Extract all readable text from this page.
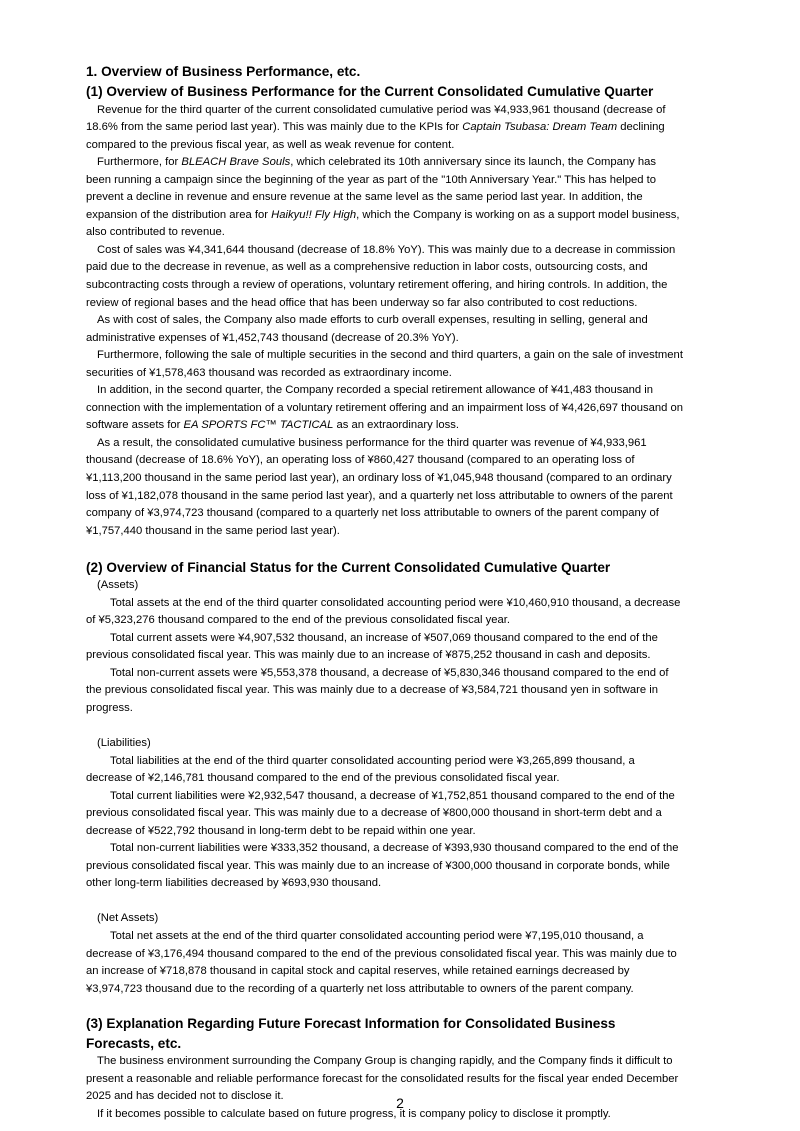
1. Overview of Business Performance, etc.
(1) Overview of Business Performance for the Current Consolidated Cumulative Quarter

Revenue for the third quarter of the current consolidated cumulative period was ¥4,933,961 thousand (decrease of 18.6% from the same period last year). This was mainly due to the KPIs for Captain Tsubasa: Dream Team declining compared to the previous fiscal year, as well as weak revenue for content.

Furthermore, for BLEACH Brave Souls, which celebrated its 10th anniversary since its launch, the Company has been running a campaign since the beginning of the year as part of the "10th Anniversary Year." This has helped to prevent a decline in revenue and ensure revenue at the same level as the same period last year. In addition, the expansion of the distribution area for Haikyu!! Fly High, which the Company is working on as a support model business, also contributed to revenue.

Cost of sales was ¥4,341,644 thousand (decrease of 18.8% YoY). This was mainly due to a decrease in commission paid due to the decrease in revenue, as well as a comprehensive reduction in labor costs, outsourcing costs, and subcontracting costs through a review of operations, voluntary retirement offering, and hiring controls. In addition, the review of regional bases and the head office that has been underway so far also contributed to cost reductions.

As with cost of sales, the Company also made efforts to curb overall expenses, resulting in selling, general and administrative expenses of ¥1,452,743 thousand (decrease of 20.3% YoY).

Furthermore, following the sale of multiple securities in the second and third quarters, a gain on the sale of investment securities of ¥1,578,463 thousand was recorded as extraordinary income.

In addition, in the second quarter, the Company recorded a special retirement allowance of ¥41,483 thousand in connection with the implementation of a voluntary retirement offering and an impairment loss of ¥4,426,697 thousand on software assets for EA SPORTS FC™ TACTICAL as an extraordinary loss.

As a result, the consolidated cumulative business performance for the third quarter was revenue of ¥4,933,961 thousand (decrease of 18.6% YoY), an operating loss of ¥860,427 thousand (compared to an operating loss of ¥1,113,200 thousand in the same period last year), an ordinary loss of ¥1,045,948 thousand (compared to an ordinary loss of ¥1,182,078 thousand in the same period last year), and a quarterly net loss attributable to owners of the parent company of ¥3,974,723 thousand (compared to a quarterly net loss attributable to owners of the parent company of ¥1,757,440 thousand in the same period last year).

(2) Overview of Financial Status for the Current Consolidated Cumulative Quarter

(Assets)

Total assets at the end of the third quarter consolidated accounting period were ¥10,460,910 thousand, a decrease of ¥5,323,276 thousand compared to the end of the previous consolidated fiscal year.

Total current assets were ¥4,907,532 thousand, an increase of ¥507,069 thousand compared to the end of the previous consolidated fiscal year. This was mainly due to an increase of ¥875,252 thousand in cash and deposits.

Total non-current assets were ¥5,553,378 thousand, a decrease of ¥5,830,346 thousand compared to the end of the previous consolidated fiscal year. This was mainly due to a decrease of ¥3,584,721 thousand yen in software in progress.

(Liabilities)

Total liabilities at the end of the third quarter consolidated accounting period were ¥3,265,899 thousand, a decrease of ¥2,146,781 thousand compared to the end of the previous consolidated fiscal year.

Total current liabilities were ¥2,932,547 thousand, a decrease of ¥1,752,851 thousand compared to the end of the previous consolidated fiscal year. This was mainly due to a decrease of ¥800,000 thousand in short-term debt and a decrease of ¥522,792 thousand in long-term debt to be repaid within one year.

Total non-current liabilities were ¥333,352 thousand, a decrease of ¥393,930 thousand compared to the end of the previous consolidated fiscal year. This was mainly due to an increase of ¥300,000 thousand in corporate bonds, while other long-term liabilities decreased by ¥693,930 thousand.

(Net Assets)

Total net assets at the end of the third quarter consolidated accounting period were ¥7,195,010 thousand, a decrease of ¥3,176,494 thousand compared to the end of the previous consolidated fiscal year. This was mainly due to an increase of ¥718,878 thousand in capital stock and capital reserves, while retained earnings decreased by ¥3,974,723 thousand due to the recording of a quarterly net loss attributable to owners of the parent company.

(3) Explanation Regarding Future Forecast Information for Consolidated Business Forecasts, etc.

The business environment surrounding the Company Group is changing rapidly, and the Company finds it difficult to present a reasonable and reliable performance forecast for the consolidated results for the fiscal year ended December 2025 and has decided not to disclose it.

If it becomes possible to calculate based on future progress, it is company policy to disclose it promptly.

2
